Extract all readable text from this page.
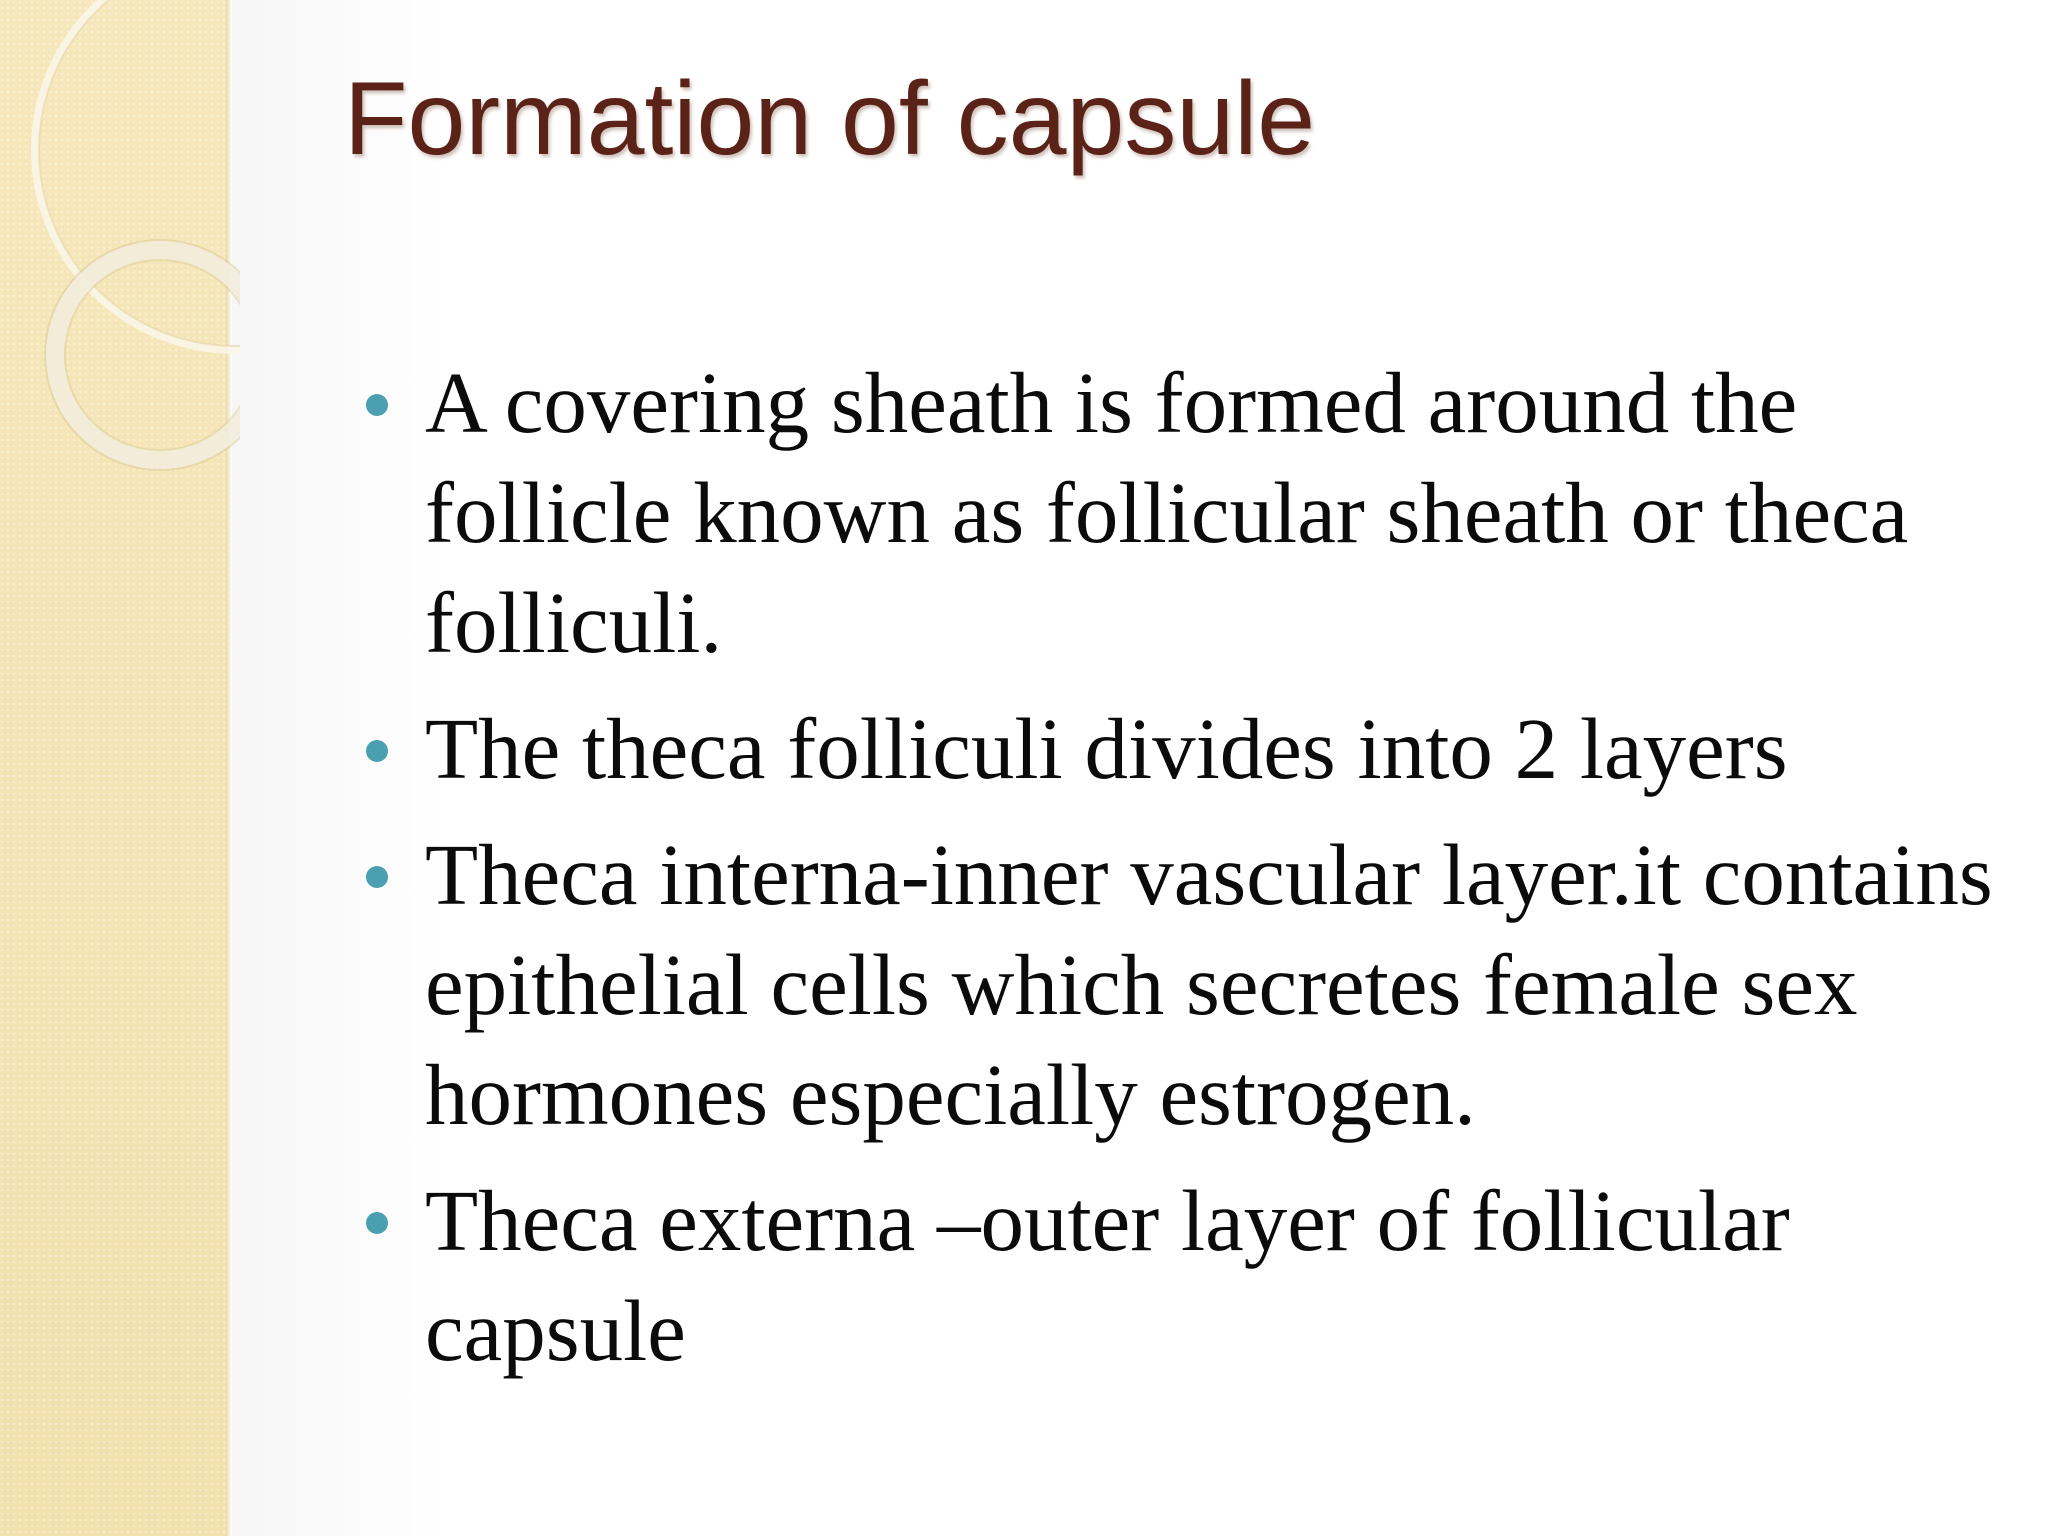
Formation of capsule
A covering sheath is formed around the follicle known as follicular sheath or theca folliculi.
The theca folliculi divides into 2 layers
Theca interna-inner vascular layer.it contains epithelial cells which secretes female sex hormones especially estrogen.
Theca externa –outer layer of follicular capsule
